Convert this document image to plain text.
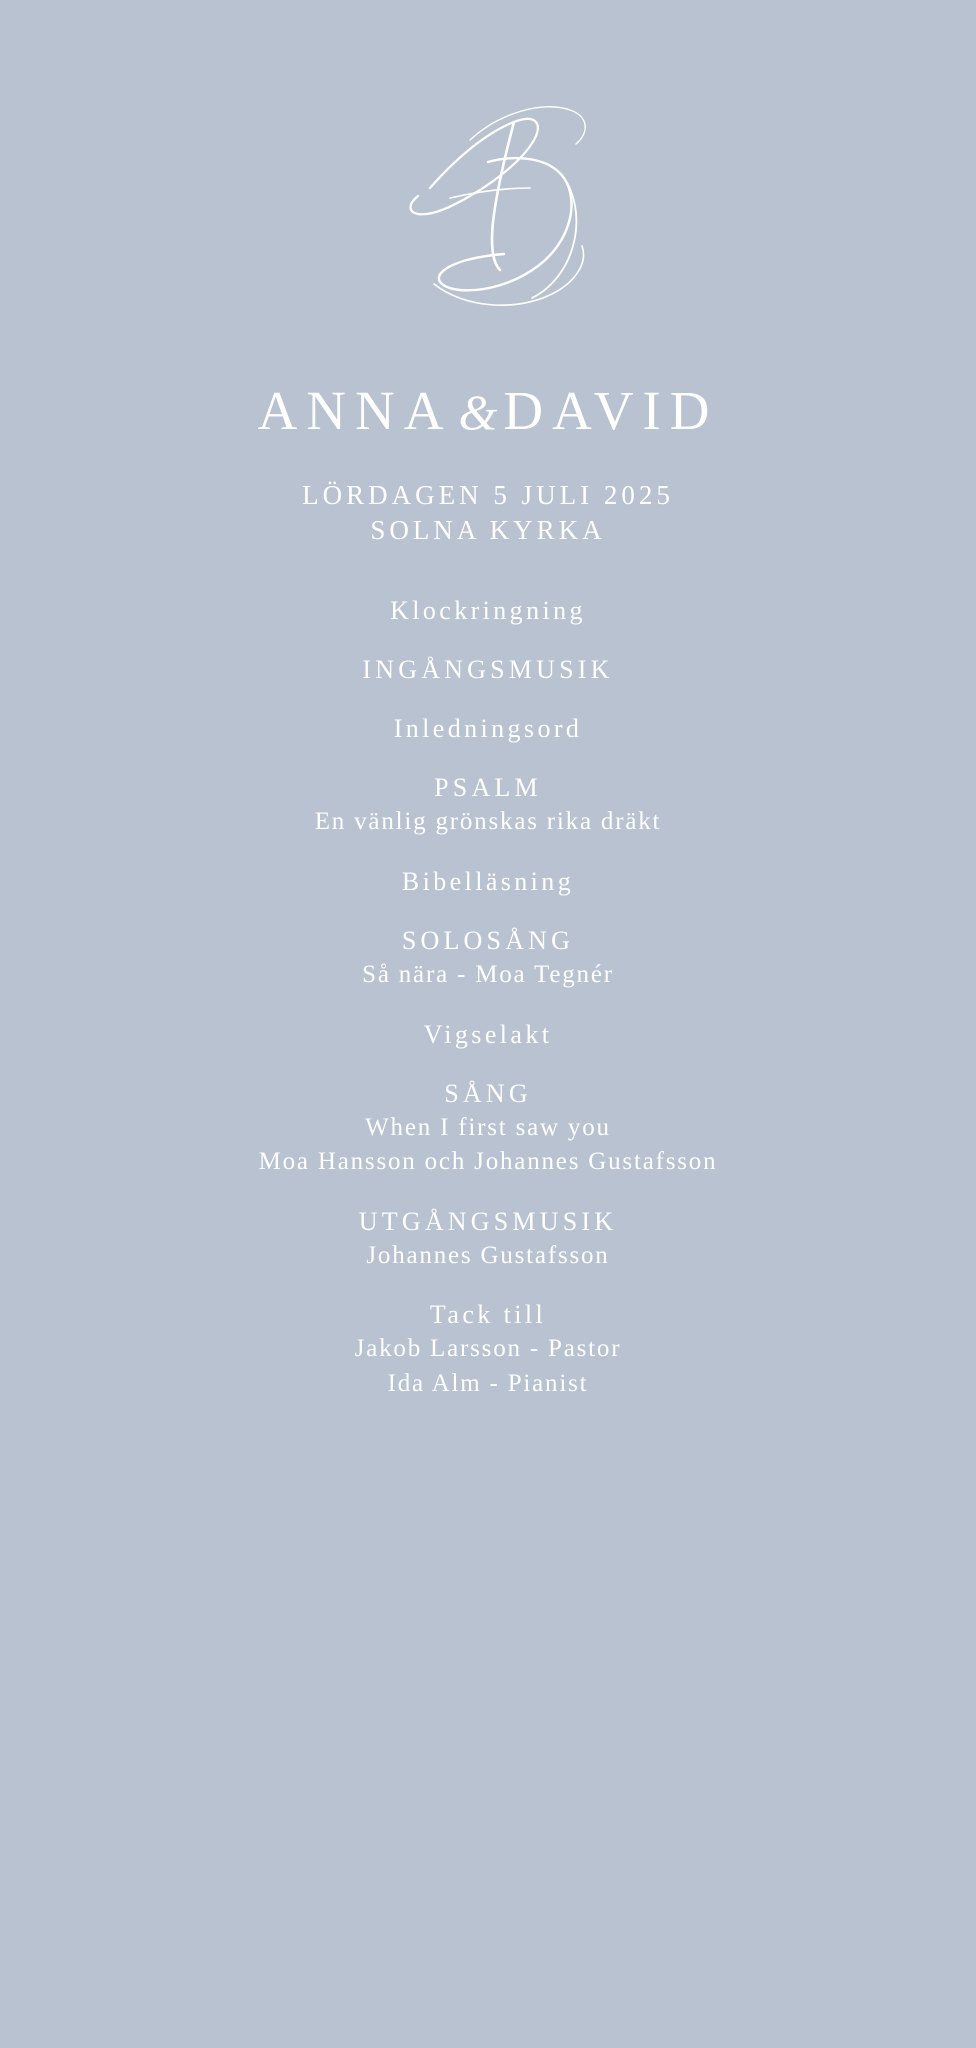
ANNA & DAVID
LÖRDAGEN 5 JULI 2025
SOLNA KYRKA
Klockringning
INGÅNGSMUSIK
Inledningsord
PSALM
En vänlig grönskas rika dräkt
Bibelläsning
SOLOSÅNG
Så nära - Moa Tegnér
Vigselakt
SÅNG
When I first saw you
Moa Hansson och Johannes Gustafsson
UTGÅNGSMUSIK
Johannes Gustafsson
Tack till
Jakob Larsson - Pastor
Ida Alm - Pianist
